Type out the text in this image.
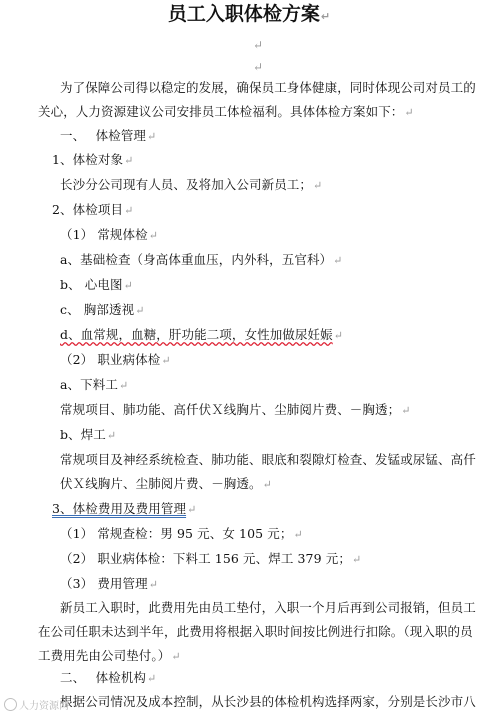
员工入职体检方案↵
↵
↵
为了保障公司得以稳定的发展，确保员工身体健康，同时体现公司对员工的
关心，人力资源建议公司安排员工体检福利。具体体检方案如下：↵
一、　 体检管理↵
1、体检对象↵
长沙分公司现有人员、及将加入公司新员工；↵
2、体检项目↵
（1） 常规体检↵
a、基础检查（身高体重血压，内外科，五官科）↵
b、 心电图↵
c、 胸部透视↵
d、血常规，血糖，肝功能二项，女性加做尿妊娠↵
（2） 职业病体检↵
a、下料工↵
常规项目、肺功能、高仟伏Ｘ线胸片、尘肺阅片费、－胸透；↵
b、焊工↵
常规项目及神经系统检查、肺功能、眼底和裂隙灯检查、发锰或尿锰、高仟
伏Ｘ线胸片、尘肺阅片费、－胸透。↵
3、体检费用及费用管理↵
（1） 常规查检：男 95 元、女 105 元；↵
（2） 职业病体检：下料工 156 元、焊工 379 元；↵
（3） 费用管理↵
新员工入职时，此费用先由员工垫付，入职一个月后再到公司报销，但员工
在公司任职未达到半年，此费用将根据入职时间按比例进行扣除。（现入职的员
工费用先由公司垫付。）↵
二、　 体检机构↵
根据公司情况及成本控制，从长沙县的体检机构选择两家，分别是长沙市八
人力资源网
